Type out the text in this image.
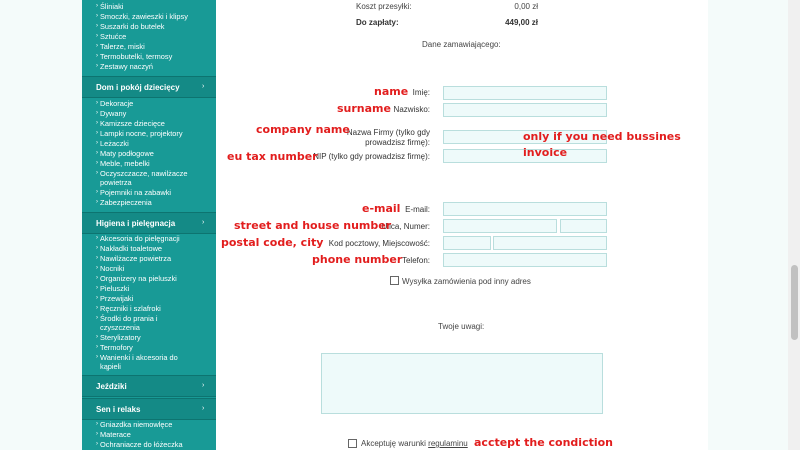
› Śliniaki
› Smoczki, zawieszki i klipsy
› Suszarki do butelek
› Sztućce
› Talerze, miski
› Termobutelki, termosy
› Zestawy naczyń
Dom i pokój dziecięcy	›
› Dekoracje
› Dywany
› Kamizsze dziecięce
› Lampki nocne, projektory
› Leżaczki
› Maty podłogowe
› Meble, mebelki
› Oczyszczacze, nawilżacze
powietrza
› Pojemniki na zabawki
› Zabezpieczenia
Higiena i pielęgnacja	›
› Akcesoria do pielęgnacji
› Nakładki toaletowe
› Nawilżacze powietrza
› Nocniki
› Organizery na pieluszki
› Pieluszki
› Przewijaki
› Ręczniki i szlafroki
› Środki do prania i
czyszczenia
› Sterylizatory
› Termofory
› Wanienki i akcesoria do
kąpieli
Jeździki	›
Sen i relaks	›
› Gniazdka niemowlęce
› Materace
› Ochraniacze do łóżeczka
Koszt przesyłki:	0,00 zł
Do zapłaty:	449,00 zł
Dane zamawiającego:
Imię:
Nazwisko:
Nazwa Firmy (tylko gdy
prowadzisz firmę):
NIP (tylko gdy prowadzisz firmę):
E-mail:
Ulica, Numer:
Kod pocztowy, Miejscowość:
Telefon:
Wysyłka zamówienia pod inny adres
Twoje uwagi:
Akceptuję warunki regulaminu
name
surname
company name
eu tax number
only if you need bussines
invoice
e-mail
street and house number
postal code, city
phone number
acctept the condiction
